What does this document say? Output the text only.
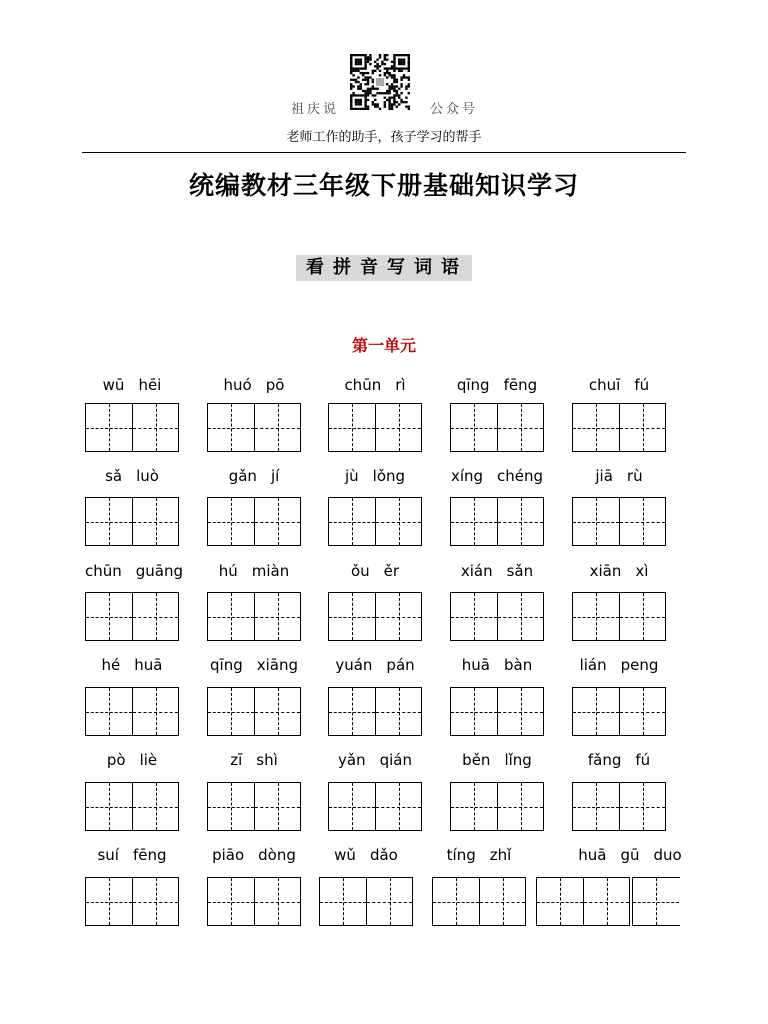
祖庆说	公众号
老师工作的助手，孩子学习的帮手
统编教材三年级下册基础知识学习
看拼音写词语
第一单元
wū hēi	huó pō	chūn rì	qīng fēng	chuī fú
sǎ luò	gǎn jí	jù lǒng	xíng chéng	jiā rù
chūn guāng	hú miàn	ǒu ěr	xián sǎn	xiān xì
hé huā	qīng xiāng	yuán pán	huā bàn	lián peng
pò liè	zī shì	yǎn qián	běn lǐng	fǎng fú
suí fēng	piāo dòng	wǔ dǎo	tíng zhǐ	huā gū duo
